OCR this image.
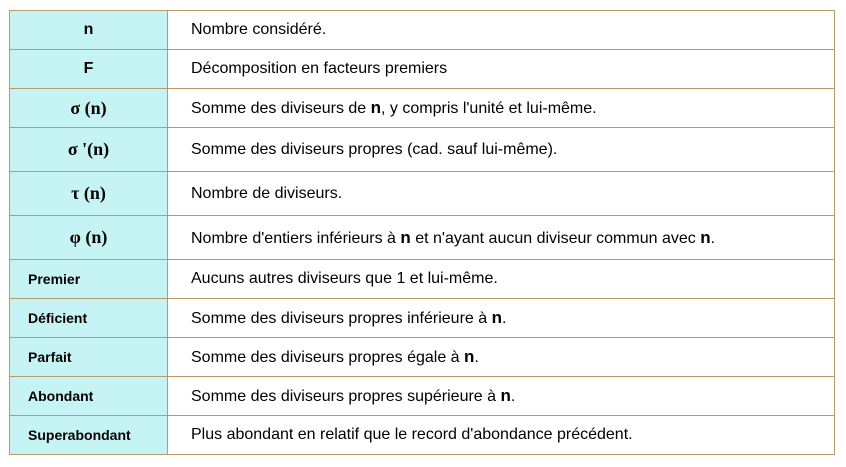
n	Nombre considéré.
F	Décomposition en facteurs premiers
σ (n)	Somme des diviseurs de n, y compris l'unité et lui-même.
σ '(n)	Somme des diviseurs propres (cad. sauf lui-même).
τ (n)	Nombre de diviseurs.
φ (n)	Nombre d'entiers inférieurs à n et n'ayant aucun diviseur commun avec n.
Premier	Aucuns autres diviseurs que 1 et lui-même.
Déficient	Somme des diviseurs propres inférieure à n.
Parfait	Somme des diviseurs propres égale à n.
Abondant	Somme des diviseurs propres supérieure à n.
Superabondant	Plus abondant en relatif que le record d'abondance précédent.
